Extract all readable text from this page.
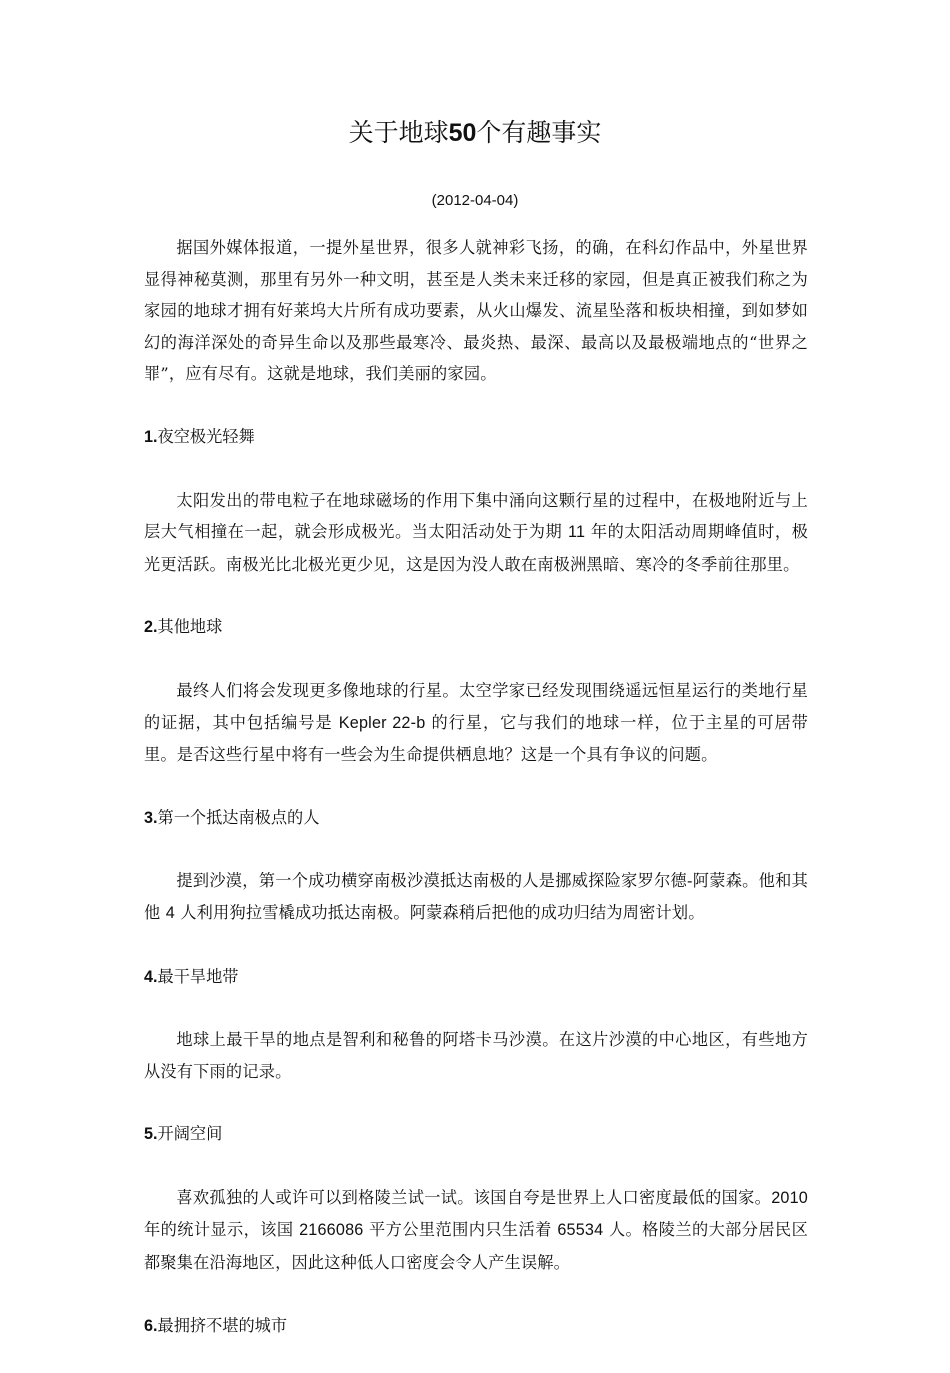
关于地球50个有趣事实

(2012-04-04)

据国外媒体报道，一提外星世界，很多人就神彩飞扬，的确，在科幻作品中，外星世界显得神秘莫测，那里有另外一种文明，甚至是人类未来迁移的家园，但是真正被我们称之为家园的地球才拥有好莱坞大片所有成功要素，从火山爆发、流星坠落和板块相撞，到如梦如幻的海洋深处的奇异生命以及那些最寒冷、最炎热、最深、最高以及最极端地点的“世界之罪”，应有尽有。这就是地球，我们美丽的家园。

1.夜空极光轻舞

太阳发出的带电粒子在地球磁场的作用下集中涌向这颗行星的过程中，在极地附近与上层大气相撞在一起，就会形成极光。当太阳活动处于为期 11 年的太阳活动周期峰值时，极光更活跃。南极光比北极光更少见，这是因为没人敢在南极洲黑暗、寒冷的冬季前往那里。

2.其他地球

最终人们将会发现更多像地球的行星。太空学家已经发现围绕遥远恒星运行的类地行星的证据，其中包括编号是 Kepler 22-b 的行星，它与我们的地球一样，位于主星的可居带里。是否这些行星中将有一些会为生命提供栖息地？这是一个具有争议的问题。

3.第一个抵达南极点的人

提到沙漠，第一个成功横穿南极沙漠抵达南极的人是挪威探险家罗尔德-阿蒙森。他和其他 4 人利用狗拉雪橇成功抵达南极。阿蒙森稍后把他的成功归结为周密计划。

4.最干旱地带

地球上最干旱的地点是智利和秘鲁的阿塔卡马沙漠。在这片沙漠的中心地区，有些地方从没有下雨的记录。

5.开阔空间

喜欢孤独的人或许可以到格陵兰试一试。该国自夸是世界上人口密度最低的国家。2010 年的统计显示，该国 2166086 平方公里范围内只生活着 65534 人。格陵兰的大部分居民区都聚集在沿海地区，因此这种低人口密度会令人产生误解。

6.最拥挤不堪的城市
